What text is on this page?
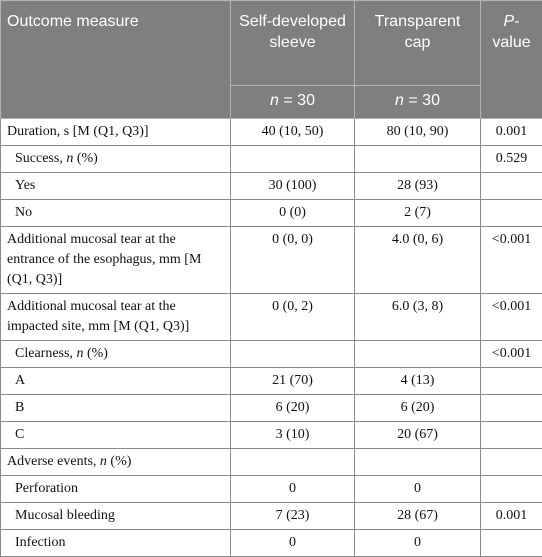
Outcome measure	Self-developed sleeve	Transparent cap	P-value
	n = 30	n = 30	
Duration, s [M (Q1, Q3)]	40 (10, 50)	80 (10, 90)	0.001
Success, n (%)			0.529
Yes	30 (100)	28 (93)	
No	0 (0)	2 (7)	
Additional mucosal tear at the entrance of the esophagus, mm [M (Q1, Q3)]	0 (0, 0)	4.0 (0, 6)	<0.001
Additional mucosal tear at the impacted site, mm [M (Q1, Q3)]	0 (0, 2)	6.0 (3, 8)	<0.001
Clearness, n (%)			<0.001
A	21 (70)	4 (13)	
B	6 (20)	6 (20)	
C	3 (10)	20 (67)	
Adverse events, n (%)			
Perforation	0	0	
Mucosal bleeding	7 (23)	28 (67)	0.001
Infection	0	0	
